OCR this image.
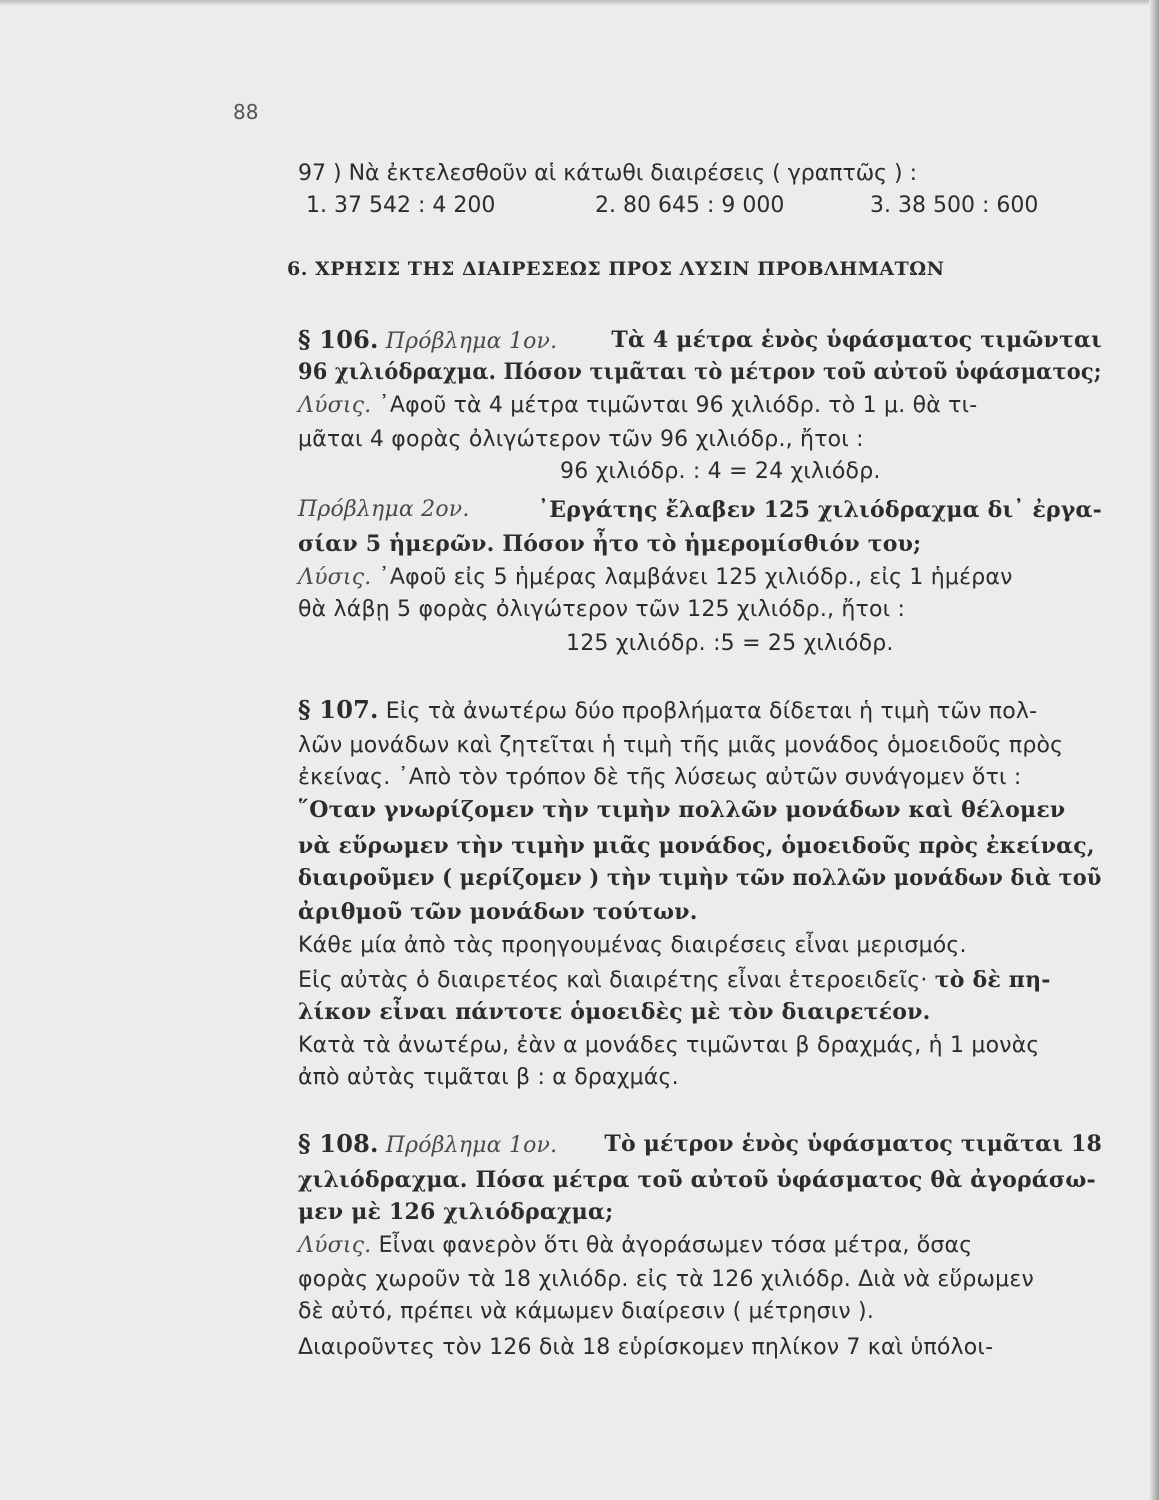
88
97 ) Νὰ ἐκτελεσθοῦν αἱ κάτωθι διαιρέσεις ( γραπτῶς ) :
1. 37 542 : 4 200	2. 80 645 : 9 000	3. 38 500 : 600
6. ΧΡΗΣΙΣ ΤΗΣ ΔΙΑΙΡΕΣΕΩΣ ΠΡΟΣ ΛΥΣΙΝ ΠΡΟΒΛΗΜΑΤΩΝ
§ 106. Πρόβλημα 1ον. Τὰ 4 μέτρα ἑνὸς ὑφάσματος τιμῶνται
96 χιλιόδραχμα. Πόσον τιμᾶται τὸ μέτρον τοῦ αὐτοῦ ὑφάσματος;
Λύσις. ᾿Αφοῦ τὰ 4 μέτρα τιμῶνται 96 χιλιόδρ. τὸ 1 μ. θὰ τι-
μᾶται 4 φορὰς ὀλιγώτερον τῶν 96 χιλιόδρ., ἤτοι :
96 χιλιόδρ. : 4 = 24 χιλιόδρ.
Πρόβλημα 2ον.	᾿Εργάτης ἔλαβεν 125 χιλιόδραχμα δι᾿ ἐργα-
σίαν 5 ἡμερῶν. Πόσον ἦτο τὸ ἡμερομίσθιόν του;
Λύσις. ᾿Αφοῦ εἰς 5 ἡμέρας λαμβάνει 125 χιλιόδρ., εἰς 1 ἡμέραν
θὰ λάβῃ 5 φορὰς ὀλιγώτερον τῶν 125 χιλιόδρ., ἤτοι :
125 χιλιόδρ. :5 = 25 χιλιόδρ.
§ 107. Εἰς τὰ ἀνωτέρω δύο προβλήματα δίδεται ἡ τιμὴ τῶν πολ-
λῶν μονάδων καὶ ζητεῖται ἡ τιμὴ τῆς μιᾶς μονάδος ὁμοειδοῦς πρὸς
ἐκείνας. ᾿Απὸ τὸν τρόπον δὲ τῆς λύσεως αὐτῶν συνάγομεν ὅτι :
῞Οταν γνωρίζομεν τὴν τιμὴν πολλῶν μονάδων καὶ θέλομεν
νὰ εὕρωμεν τὴν τιμὴν μιᾶς μονάδος, ὁμοειδοῦς πρὸς ἐκείνας,
διαιροῦμεν ( μερίζομεν ) τὴν τιμὴν τῶν πολλῶν μονάδων διὰ τοῦ
ἀριθμοῦ τῶν μονάδων τούτων.
Κάθε μία ἀπὸ τὰς προηγουμένας διαιρέσεις εἶναι μερισμός.
Εἰς αὐτὰς ὁ διαιρετέος καὶ διαιρέτης εἶναι ἑτεροειδεῖς· τὸ δὲ πη-
λίκον εἶναι πάντοτε ὁμοειδὲς μὲ τὸν διαιρετέον.
Κατὰ τὰ ἀνωτέρω, ἐὰν α μονάδες τιμῶνται β δραχμάς, ἡ 1 μονὰς
ἀπὸ αὐτὰς τιμᾶται β : α δραχμάς.
§ 108. Πρόβλημα 1ον. Τὸ μέτρον ἑνὸς ὑφάσματος τιμᾶται 18
χιλιόδραχμα. Πόσα μέτρα τοῦ αὐτοῦ ὑφάσματος θὰ ἀγοράσω-
μεν μὲ 126 χιλιόδραχμα;
Λύσις. Εἶναι φανερὸν ὅτι θὰ ἀγοράσωμεν τόσα μέτρα, ὅσας
φορὰς χωροῦν τὰ 18 χιλιόδρ. εἰς τὰ 126 χιλιόδρ. Διὰ νὰ εὕρωμεν
δὲ αὐτό, πρέπει νὰ κάμωμεν διαίρεσιν ( μέτρησιν ).
Διαιροῦντες τὸν 126 διὰ 18 εὑρίσκομεν πηλίκον 7 καὶ ὑπόλοι-
